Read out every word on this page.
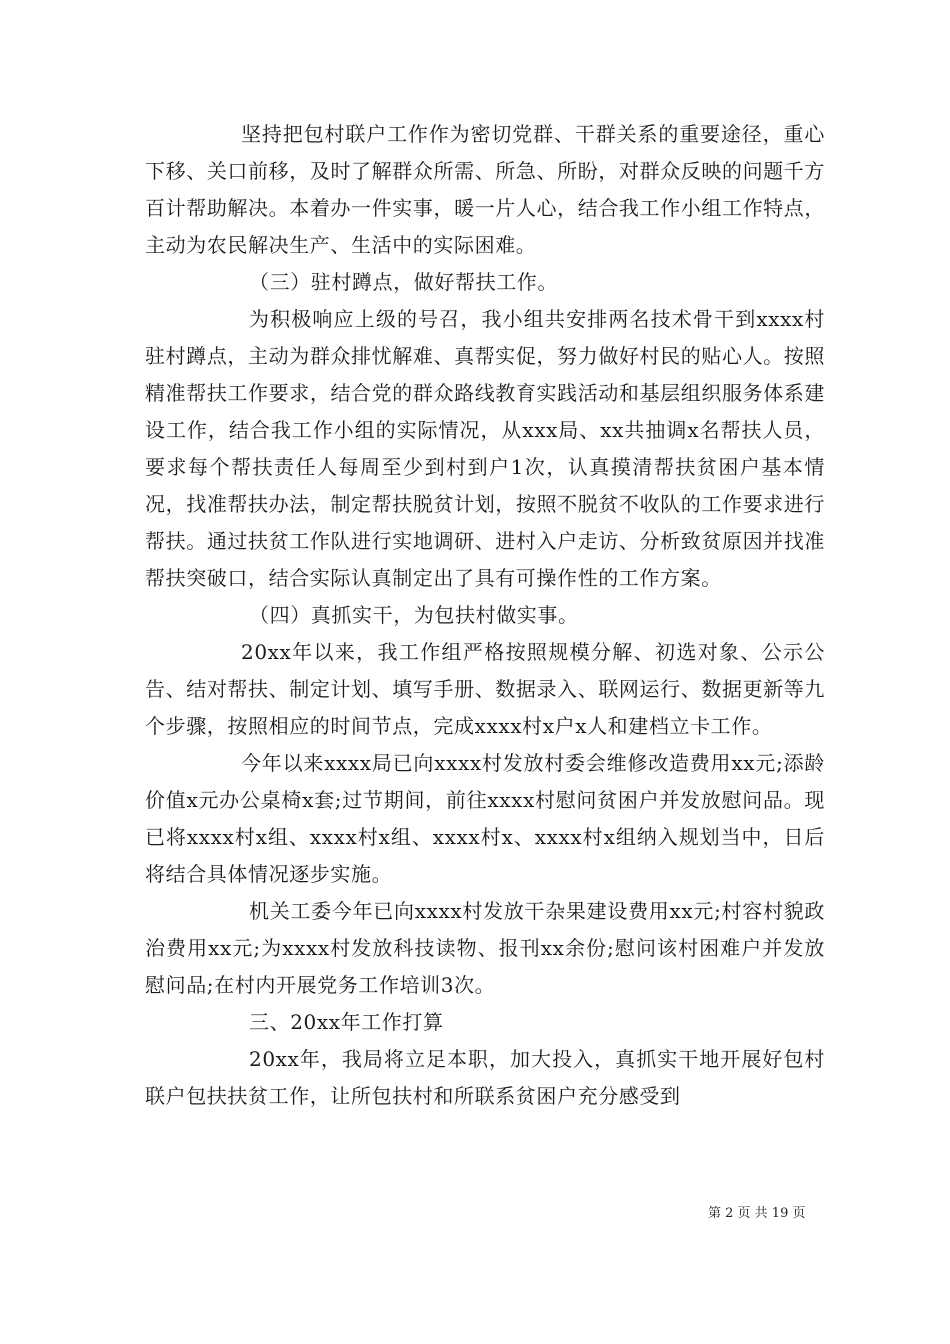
坚持把包村联户工作作为密切党群、干群关系的重要途径，重心下移、关口前移，及时了解群众所需、所急、所盼，对群众反映的问题千方百计帮助解决。本着办一件实事，暖一片人心，结合我工作小组工作特点，主动为农民解决生产、生活中的实际困难。

（三）驻村蹲点，做好帮扶工作。

为积极响应上级的号召，我小组共安排两名技术骨干到xxxx村驻村蹲点，主动为群众排忧解难、真帮实促，努力做好村民的贴心人。按照精准帮扶工作要求，结合党的群众路线教育实践活动和基层组织服务体系建设工作，结合我工作小组的实际情况，从xxx局、xx共抽调x名帮扶人员，要求每个帮扶责任人每周至少到村到户1次，认真摸清帮扶贫困户基本情况，找准帮扶办法，制定帮扶脱贫计划，按照不脱贫不收队的工作要求进行帮扶。通过扶贫工作队进行实地调研、进村入户走访、分析致贫原因并找准帮扶突破口，结合实际认真制定出了具有可操作性的工作方案。

（四）真抓实干，为包扶村做实事。

20xx年以来，我工作组严格按照规模分解、初选对象、公示公告、结对帮扶、制定计划、填写手册、数据录入、联网运行、数据更新等九个步骤，按照相应的时间节点，完成xxxx村x户x人和建档立卡工作。

今年以来xxxx局已向xxxx村发放村委会维修改造费用xx元;添龄价值x元办公桌椅x套;过节期间，前往xxxx村慰问贫困户并发放慰问品。现已将xxxx村x组、xxxx村x组、xxxx村x、xxxx村x组纳入规划当中，日后将结合具体情况逐步实施。

机关工委今年已向xxxx村发放干杂果建设费用xx元;村容村貌政治费用xx元;为xxxx村发放科技读物、报刊xx余份;慰问该村困难户并发放慰问品;在村内开展党务工作培训3次。

三、20xx年工作打算

20xx年，我局将立足本职，加大投入，真抓实干地开展好包村联户包扶扶贫工作，让所包扶村和所联系贫困户充分感受到

第 2 页 共 19 页
